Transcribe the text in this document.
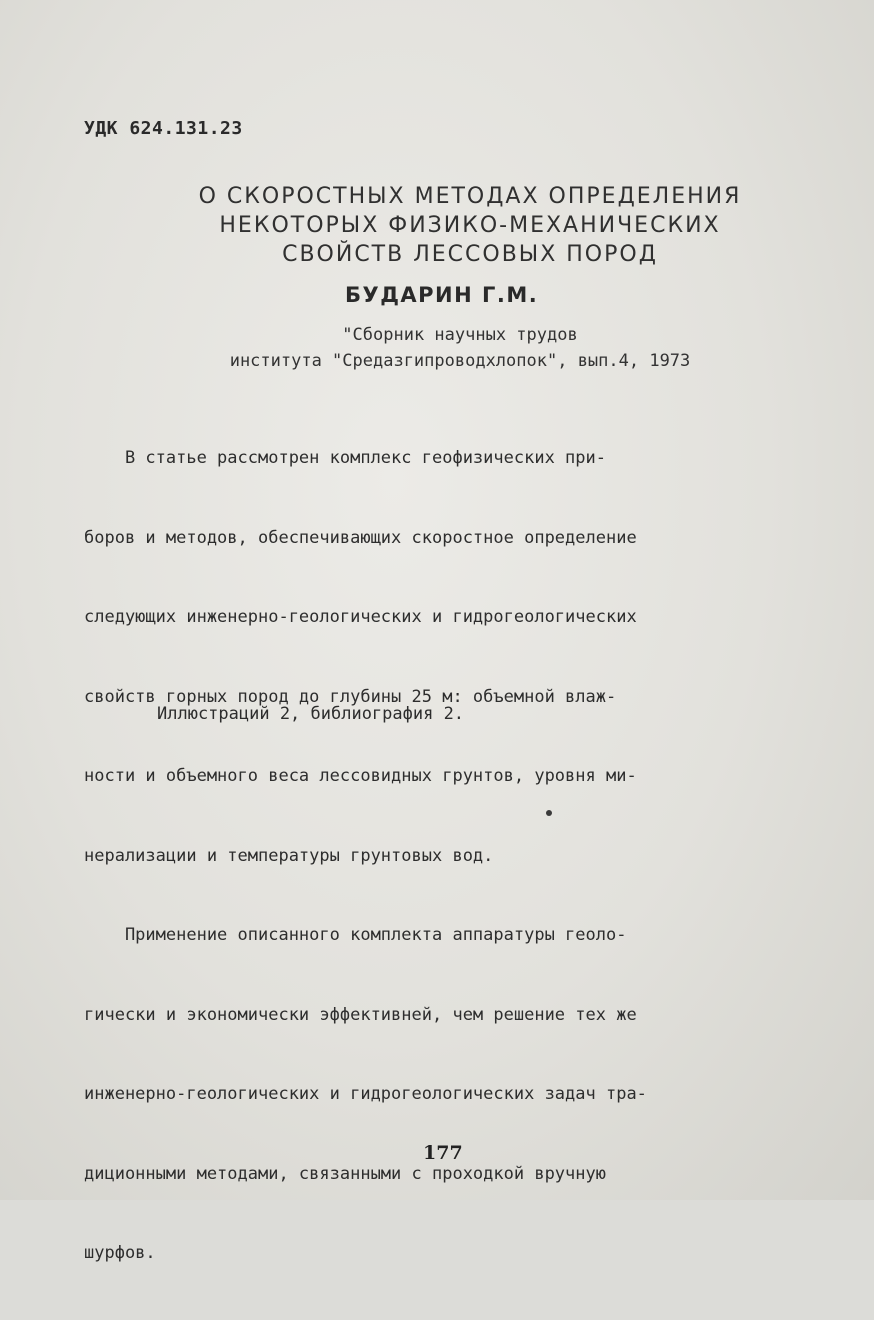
УДК 624.131.23
О СКОРОСТНЫХ МЕТОДАХ ОПРЕДЕЛЕНИЯ
НЕКОТОРЫХ ФИЗИКО-МЕХАНИЧЕСКИХ
СВОЙСТВ ЛЕССОВЫХ ПОРОД
БУДАРИН Г.М.
"Сборник научных трудов
института "Средазгипроводхлопок", вып.4, 1973

В статье рассмотрен комплекс геофизических при-

боров и методов, обеспечивающих скоростное определение

следующих инженерно-геологических и гидрогеологических

свойств горных пород до глубины 25 м: объемной влаж-

ности и объемного веса лессовидных грунтов, уровня ми-

нерализации и температуры грунтовых вод.

Применение описанного комплекта аппаратуры геоло-

гически и экономически эффективней, чем решение тех же

инженерно-геологических и гидрогеологических задач тра-

диционными методами, связанными с проходкой вручную

шурфов.

Иллюстраций 2, библиография 2.
177
